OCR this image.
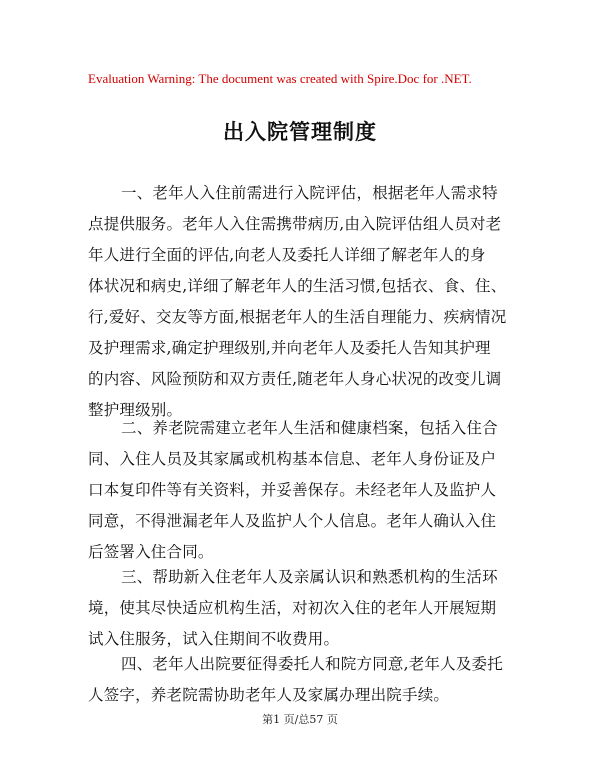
Evaluation Warning: The document was created with Spire.Doc for .NET.
出入院管理制度
一、老年人入住前需进行入院评估，根据老年人需求特
点提供服务。老年人入住需携带病历,由入院评估组人员对老
年人进行全面的评估,向老人及委托人详细了解老年人的身
体状况和病史,详细了解老年人的生活习惯,包括衣、食、住、
行,爱好、交友等方面,根据老年人的生活自理能力、疾病情况
及护理需求,确定护理级别,并向老年人及委托人告知其护理
的内容、风险预防和双方责任,随老年人身心状况的改变儿调
整护理级别。
二、养老院需建立老年人生活和健康档案，包括入住合
同、入住人员及其家属或机构基本信息、老年人身份证及户
口本复印件等有关资料，并妥善保存。未经老年人及监护人
同意，不得泄漏老年人及监护人个人信息。老年人确认入住
后签署入住合同。
三、帮助新入住老年人及亲属认识和熟悉机构的生活环
境，使其尽快适应机构生活，对初次入住的老年人开展短期
试入住服务，试入住期间不收费用。
四、老年人出院要征得委托人和院方同意,老年人及委托
人签字，养老院需协助老年人及家属办理出院手续。
第1 页/总57 页
